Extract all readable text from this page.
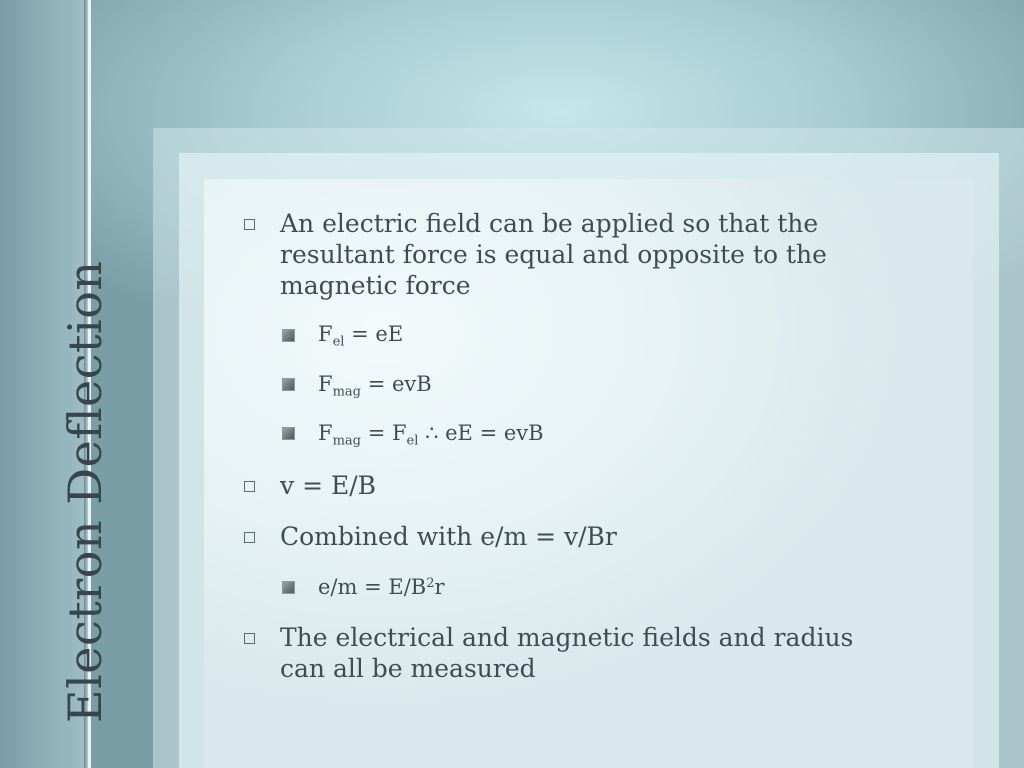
Electron Deflection
An electric field can be applied so that the
resultant force is equal and opposite to the
magnetic force
$F_{el}$ = eE
$F_{mag}$ = evB
$F_{mag} = F_{el}$ ∴ eE = evB
v = E/B
Combined with e/m = v/Br
$e/m = E/B^2r$
The electrical and magnetic fields and radius
can all be measured
